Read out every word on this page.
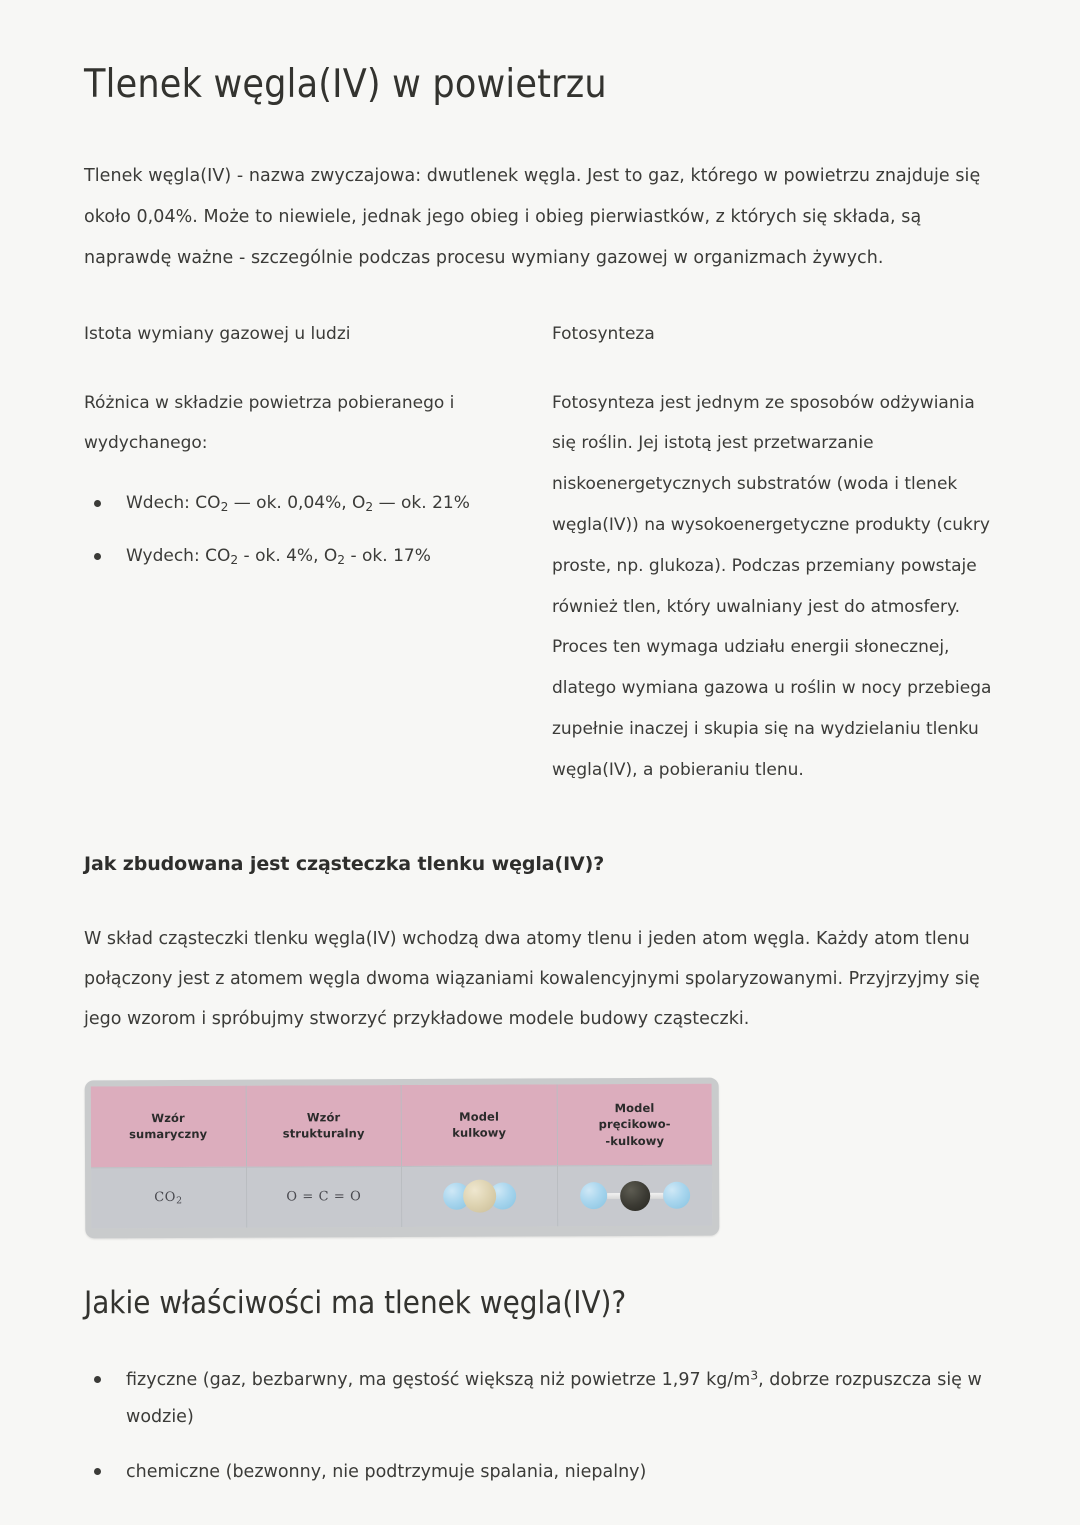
Tlenek węgla(IV) w powietrzu

Tlenek węgla(IV) - nazwa zwyczajowa: dwutlenek węgla. Jest to gaz, którego w powietrzu znajduje się około 0,04%. Może to niewiele, jednak jego obieg i obieg pierwiastków, z których się składa, są naprawdę ważne - szczególnie podczas procesu wymiany gazowej w organizmach żywych.

Istota wymiany gazowej u ludzi
Różnica w składzie powietrza pobieranego i wydychanego:
Wdech: $CO_2$ — ok. 0,04%, $O_2$ — ok. 21%
Wydech: $CO_2$ - ok. 4%, $O_2$ - ok. 17%
Fotosynteza
Fotosynteza jest jednym ze sposobów odżywiania się roślin. Jej istotą jest przetwarzanie niskoenergetycznych substratów (woda i tlenek węgla(IV)) na wysokoenergetyczne produkty (cukry proste, np. glukoza). Podczas przemiany powstaje również tlen, który uwalniany jest do atmosfery. Proces ten wymaga udziału energii słonecznej, dlatego wymiana gazowa u roślin w nocy przebiega zupełnie inaczej i skupia się na wydzielaniu tlenku węgla(IV), a pobieraniu tlenu.
Jak zbudowana jest cząsteczka tlenku węgla(IV)?

W skład cząsteczki tlenku węgla(IV) wchodzą dwa atomy tlenu i jeden atom węgla. Każdy atom tlenu połączony jest z atomem węgla dwoma wiązaniami kowalencyjnymi spolaryzowanymi. Przyjrzyjmy się jego wzorom i spróbujmy stworzyć przykładowe modele budowy cząsteczki.

Wzór
sumaryczny
Wzór
strukturalny
Model
kulkowy
Model
pręcikowo-
-kulkowy
$CO_2$	O = C = O
Jakie właściwości ma tlenek węgla(IV)?
fizyczne (gaz, bezbarwny, ma gęstość większą niż powietrze 1,97 $kg/m^3$, dobrze rozpuszcza się w wodzie)
chemiczne (bezwonny, nie podtrzymuje spalania, niepalny)
